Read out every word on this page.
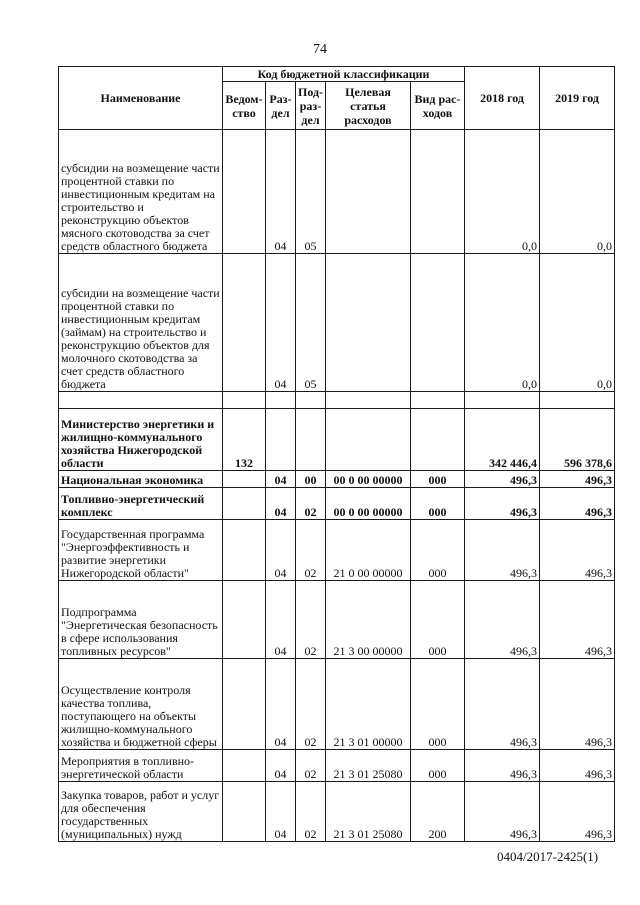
74
Наименование	Код бюджетной классификации					2018 год	2019 год
	Ведом- ство	Раз- дел	Под- раз- дел	Целевая статья расходов	Вид рас- ходов		
субсидии на возмещение части процентной ставки по инвестиционным кредитам на строительство и реконструкцию объектов мясного скотоводства за счет средств областного бюджета		04	05			0,0	0,0
субсидии на возмещение части процентной ставки по инвестиционным кредитам (займам) на строительство и реконструкцию объектов для молочного скотоводства за счет средств областного бюджета		04	05			0,0	0,0

Министерство энергетики и жилищно-коммунального хозяйства Нижегородской области	132					342 446,4	596 378,6
Национальная экономика		04	00	00 0 00 00000	000	496,3	496,3
Топливно-энергетический комплекс		04	02	00 0 00 00000	000	496,3	496,3
Государственная программа "Энергоэффективность и развитие энергетики Нижегородской области"		04	02	21 0 00 00000	000	496,3	496,3
Подпрограмма "Энергетическая безопасность в сфере использования топливных ресурсов"		04	02	21 3 00 00000	000	496,3	496,3
Осуществление контроля качества топлива, поступающего на объекты жилищно-коммунального хозяйства и бюджетной сферы		04	02	21 3 01 00000	000	496,3	496,3
Мероприятия в топливно-энергетической области		04	02	21 3 01 25080	000	496,3	496,3
Закупка товаров, работ и услуг для обеспечения государственных (муниципальных) нужд		04	02	21 3 01 25080	200	496,3	496,3
0404/2017-2425(1)
